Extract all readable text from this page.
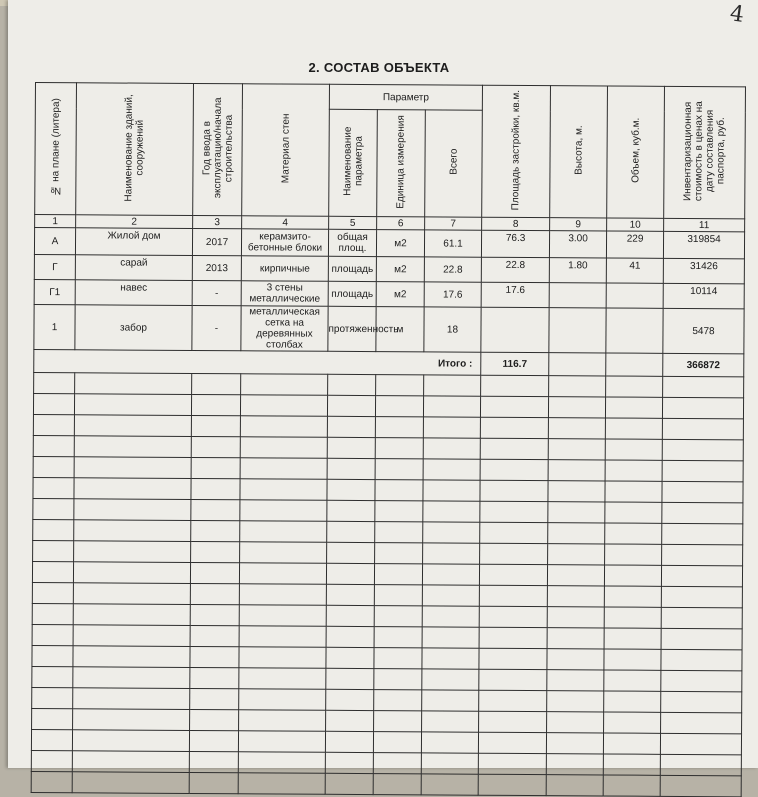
4
2. СОСТАВ ОБЪЕКТА
№ на плане (литера)	Наименование зданий, сооружений	Год ввода в эксплуатацию/начала строительства	Материал стен	Параметр			Площадь застройки, кв.м.	Высота, м.	Объем, куб.м.	Инвентаризационная стоимость в ценах на дату составления паспорта, руб.
				Наименование параметра	Единица измерения	Всего				
1	2	3	4	5	6	7	8	9	10	11
А	Жилой дом	2017	керамзито-бетонные блоки	общая площ.	м2	61.1	76.3	3.00	229	319854
Г	сарай	2013	кирпичные	площадь	м2	22.8	22.8	1.80	41	31426
Г1	навес	-	3 стены металлические	площадь	м2	17.6	17.6			10114
1	забор	-	металлическая сетка на деревянных столбах	протяженность	м	18				5478
Итого :							116.7			366872
